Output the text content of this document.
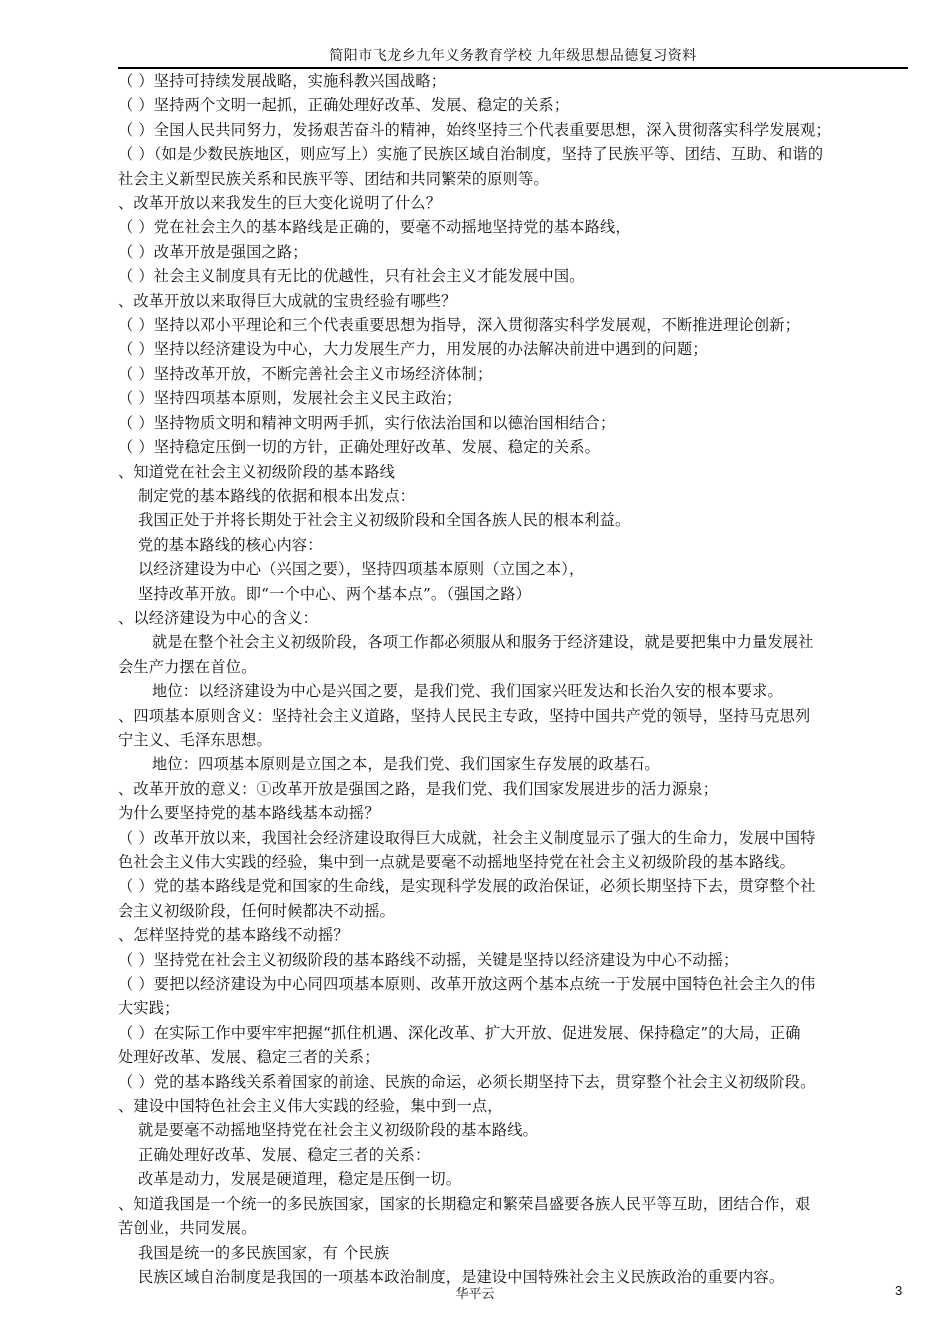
简阳市飞龙乡九年义务教育学校 九年级思想品德复习资料
（ ）坚持可持续发展战略，实施科教兴国战略；
（ ）坚持两个文明一起抓，正确处理好改革、发展、稳定的关系；
（ ）全国人民共同努力，发扬艰苦奋斗的精神，始终坚持三个代表重要思想，深入贯彻落实科学发展观；
（ ）（如是少数民族地区，则应写上）实施了民族区域自治制度，坚持了民族平等、团结、互助、和谐的
社会主义新型民族关系和民族平等、团结和共同繁荣的原则等。
、改革开放以来我发生的巨大变化说明了什么？
（ ）党在社会主久的基本路线是正确的，要毫不动摇地坚持党的基本路线，
（ ）改革开放是强国之路；
（ ）社会主义制度具有无比的优越性，只有社会主义才能发展中国。
、改革开放以来取得巨大成就的宝贵经验有哪些？
（ ）坚持以邓小平理论和三个代表重要思想为指导，深入贯彻落实科学发展观，不断推进理论创新；
（ ）坚持以经济建设为中心，大力发展生产力，用发展的办法解决前进中遇到的问题；
（ ）坚持改革开放，不断完善社会主义市场经济体制；
（ ）坚持四项基本原则，发展社会主义民主政治；
（ ）坚持物质文明和精神文明两手抓，实行依法治国和以德治国相结合；
（ ）坚持稳定压倒一切的方针，正确处理好改革、发展、稳定的关系。
、知道党在社会主义初级阶段的基本路线
制定党的基本路线的依据和根本出发点：
我国正处于并将长期处于社会主义初级阶段和全国各族人民的根本利益。
党的基本路线的核心内容：
以经济建设为中心（兴国之要），坚持四项基本原则（立国之本），
坚持改革开放。即“一个中心、两个基本点”。（强国之路）
、以经济建设为中心的含义：
就是在整个社会主义初级阶段，各项工作都必须服从和服务于经济建设，就是要把集中力量发展社
会生产力摆在首位。
地位：以经济建设为中心是兴国之要，是我们党、我们国家兴旺发达和长治久安的根本要求。
、四项基本原则含义：坚持社会主义道路，坚持人民民主专政，坚持中国共产党的领导，坚持马克思列
宁主义、毛泽东思想。
地位：四项基本原则是立国之本，是我们党、我们国家生存发展的政基石。
、改革开放的意义：①改革开放是强国之路，是我们党、我们国家发展进步的活力源泉；
为什么要坚持党的基本路线基本动摇？
（ ）改革开放以来，我国社会经济建设取得巨大成就，社会主义制度显示了强大的生命力，发展中国特
色社会主义伟大实践的经验，集中到一点就是要毫不动摇地坚持党在社会主义初级阶段的基本路线。
（ ）党的基本路线是党和国家的生命线，是实现科学发展的政治保证，必须长期坚持下去，贯穿整个社
会主义初级阶段，任何时候都决不动摇。
、怎样坚持党的基本路线不动摇？
（ ）坚持党在社会主义初级阶段的基本路线不动摇，关键是坚持以经济建设为中心不动摇；
（ ）要把以经济建设为中心同四项基本原则、改革开放这两个基本点统一于发展中国特色社会主久的伟
大实践；
（ ）在实际工作中要牢牢把握“抓住机遇、深化改革、扩大开放、促进发展、保持稳定”的大局，正确
处理好改革、发展、稳定三者的关系；
（ ）党的基本路线关系着国家的前途、民族的命运，必须长期坚持下去，贯穿整个社会主义初级阶段。
、建设中国特色社会主义伟大实践的经验，集中到一点，
就是要毫不动摇地坚持党在社会主义初级阶段的基本路线。
正确处理好改革、发展、稳定三者的关系：
改革是动力，发展是硬道理，稳定是压倒一切。
、知道我国是一个统一的多民族国家，国家的长期稳定和繁荣昌盛要各族人民平等互助，团结合作，艰
苦创业，共同发展。
我国是统一的多民族国家，有 个民族
民族区域自治制度是我国的一项基本政治制度，是建设中国特殊社会主义民族政治的重要内容。
华平云	3
